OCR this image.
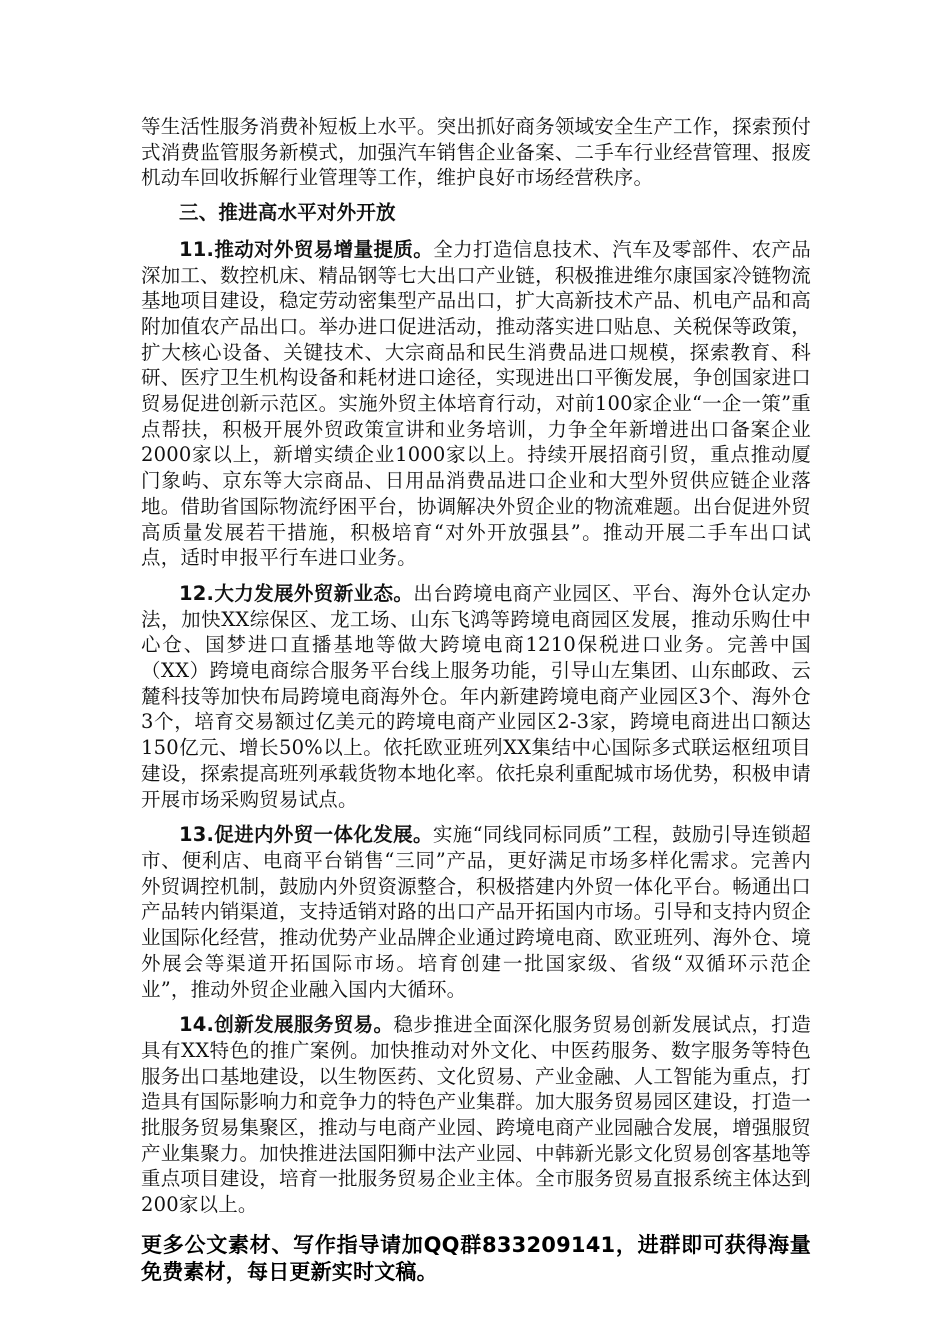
等生活性服务消费补短板上水平。突出抓好商务领域安全生产工作，探索预付式消费监管服务新模式，加强汽车销售企业备案、二手车行业经营管理、报废机动车回收拆解行业管理等工作，维护良好市场经营秩序。

三、推进高水平对外开放

11.推动对外贸易增量提质。全力打造信息技术、汽车及零部件、农产品深加工、数控机床、精品钢等七大出口产业链，积极推进维尔康国家冷链物流基地项目建设，稳定劳动密集型产品出口，扩大高新技术产品、机电产品和高附加值农产品出口。举办进口促进活动，推动落实进口贴息、关税保等政策，扩大核心设备、关键技术、大宗商品和民生消费品进口规模，探索教育、科研、医疗卫生机构设备和耗材进口途径，实现进出口平衡发展，争创国家进口贸易促进创新示范区。实施外贸主体培育行动，对前100家企业“一企一策”重点帮扶，积极开展外贸政策宣讲和业务培训，力争全年新增进出口备案企业2000家以上，新增实绩企业1000家以上。持续开展招商引贸，重点推动厦门象屿、京东等大宗商品、日用品消费品进口企业和大型外贸供应链企业落地。借助省国际物流纾困平台，协调解决外贸企业的物流难题。出台促进外贸高质量发展若干措施，积极培育“对外开放强县”。推动开展二手车出口试点，适时申报平行车进口业务。

12.大力发展外贸新业态。出台跨境电商产业园区、平台、海外仓认定办法，加快XX综保区、龙工场、山东飞鸿等跨境电商园区发展，推动乐购仕中心仓、国梦进口直播基地等做大跨境电商1210保税进口业务。完善中国（XX）跨境电商综合服务平台线上服务功能，引导山左集团、山东邮政、云麓科技等加快布局跨境电商海外仓。年内新建跨境电商产业园区3个、海外仓3个，培育交易额过亿美元的跨境电商产业园区2-3家，跨境电商进出口额达150亿元、增长50%以上。依托欧亚班列XX集结中心国际多式联运枢纽项目建设，探索提高班列承载货物本地化率。依托泉利重配城市场优势，积极申请开展市场采购贸易试点。

13.促进内外贸一体化发展。实施“同线同标同质”工程，鼓励引导连锁超市、便利店、电商平台销售“三同”产品，更好满足市场多样化需求。完善内外贸调控机制，鼓励内外贸资源整合，积极搭建内外贸一体化平台。畅通出口产品转内销渠道，支持适销对路的出口产品开拓国内市场。引导和支持内贸企业国际化经营，推动优势产业品牌企业通过跨境电商、欧亚班列、海外仓、境外展会等渠道开拓国际市场。培育创建一批国家级、省级“双循环示范企业”，推动外贸企业融入国内大循环。

14.创新发展服务贸易。稳步推进全面深化服务贸易创新发展试点，打造具有XX特色的推广案例。加快推动对外文化、中医药服务、数字服务等特色服务出口基地建设，以生物医药、文化贸易、产业金融、人工智能为重点，打造具有国际影响力和竞争力的特色产业集群。加大服务贸易园区建设，打造一批服务贸易集聚区，推动与电商产业园、跨境电商产业园融合发展，增强服贸产业集聚力。加快推进法国阳狮中法产业园、中韩新光影文化贸易创客基地等重点项目建设，培育一批服务贸易企业主体。全市服务贸易直报系统主体达到200家以上。

更多公文素材、写作指导请加QQ群833209141，进群即可获得海量免费素材，每日更新实时文稿。
